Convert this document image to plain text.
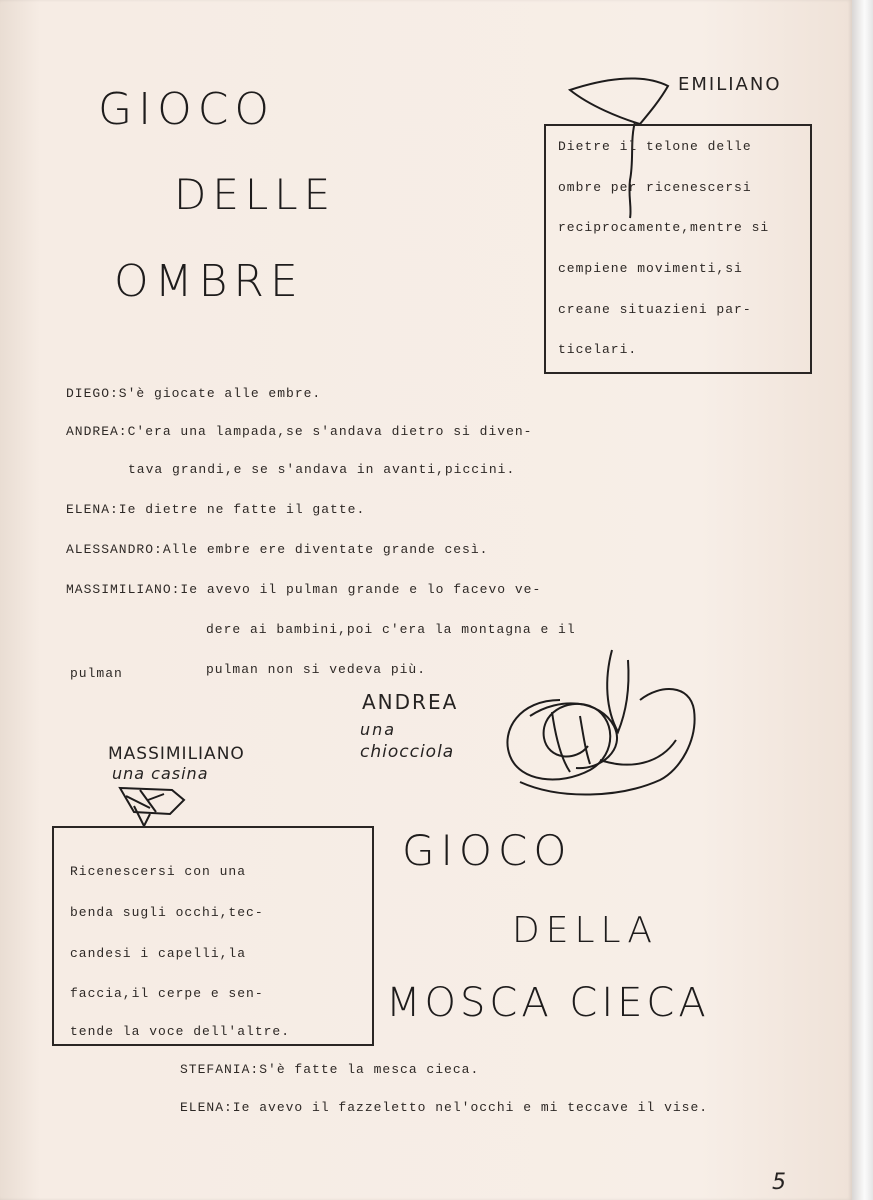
GIOCO
DELLE
OMBRE
EMILIANO
Dietre il telone delle
ombre per ricenescersi
reciprocamente,mentre si
cempiene movimenti,si
creane situazieni par-
ticelari.
DIEGO:S'è giocate alle embre.
ANDREA:C'era una lampada,se s'andava dietro si diven-
tava grandi,e se s'andava in avanti,piccini.
ELENA:Ie dietre ne fatte il gatte.
ALESSANDRO:Alle embre ere diventate grande cesì.
MASSIMILIANO:Ie avevo il pulman grande e lo facevo ve-
dere ai bambini,poi c'era la montagna e il
pulman	pulman non si vedeva più.
ANDREA
una
chiocciola
MASSIMILIANO
una casina
Ricenescersi con una
benda sugli occhi,tec-
candesi i capelli,la
faccia,il cerpe e sen-
tende la voce dell'altre.
GIOCO
DELLA
MOSCA CIECA
STEFANIA:S'è fatte la mesca cieca.
ELENA:Ie avevo il fazzeletto nel'occhi e mi teccave il vise.
5
